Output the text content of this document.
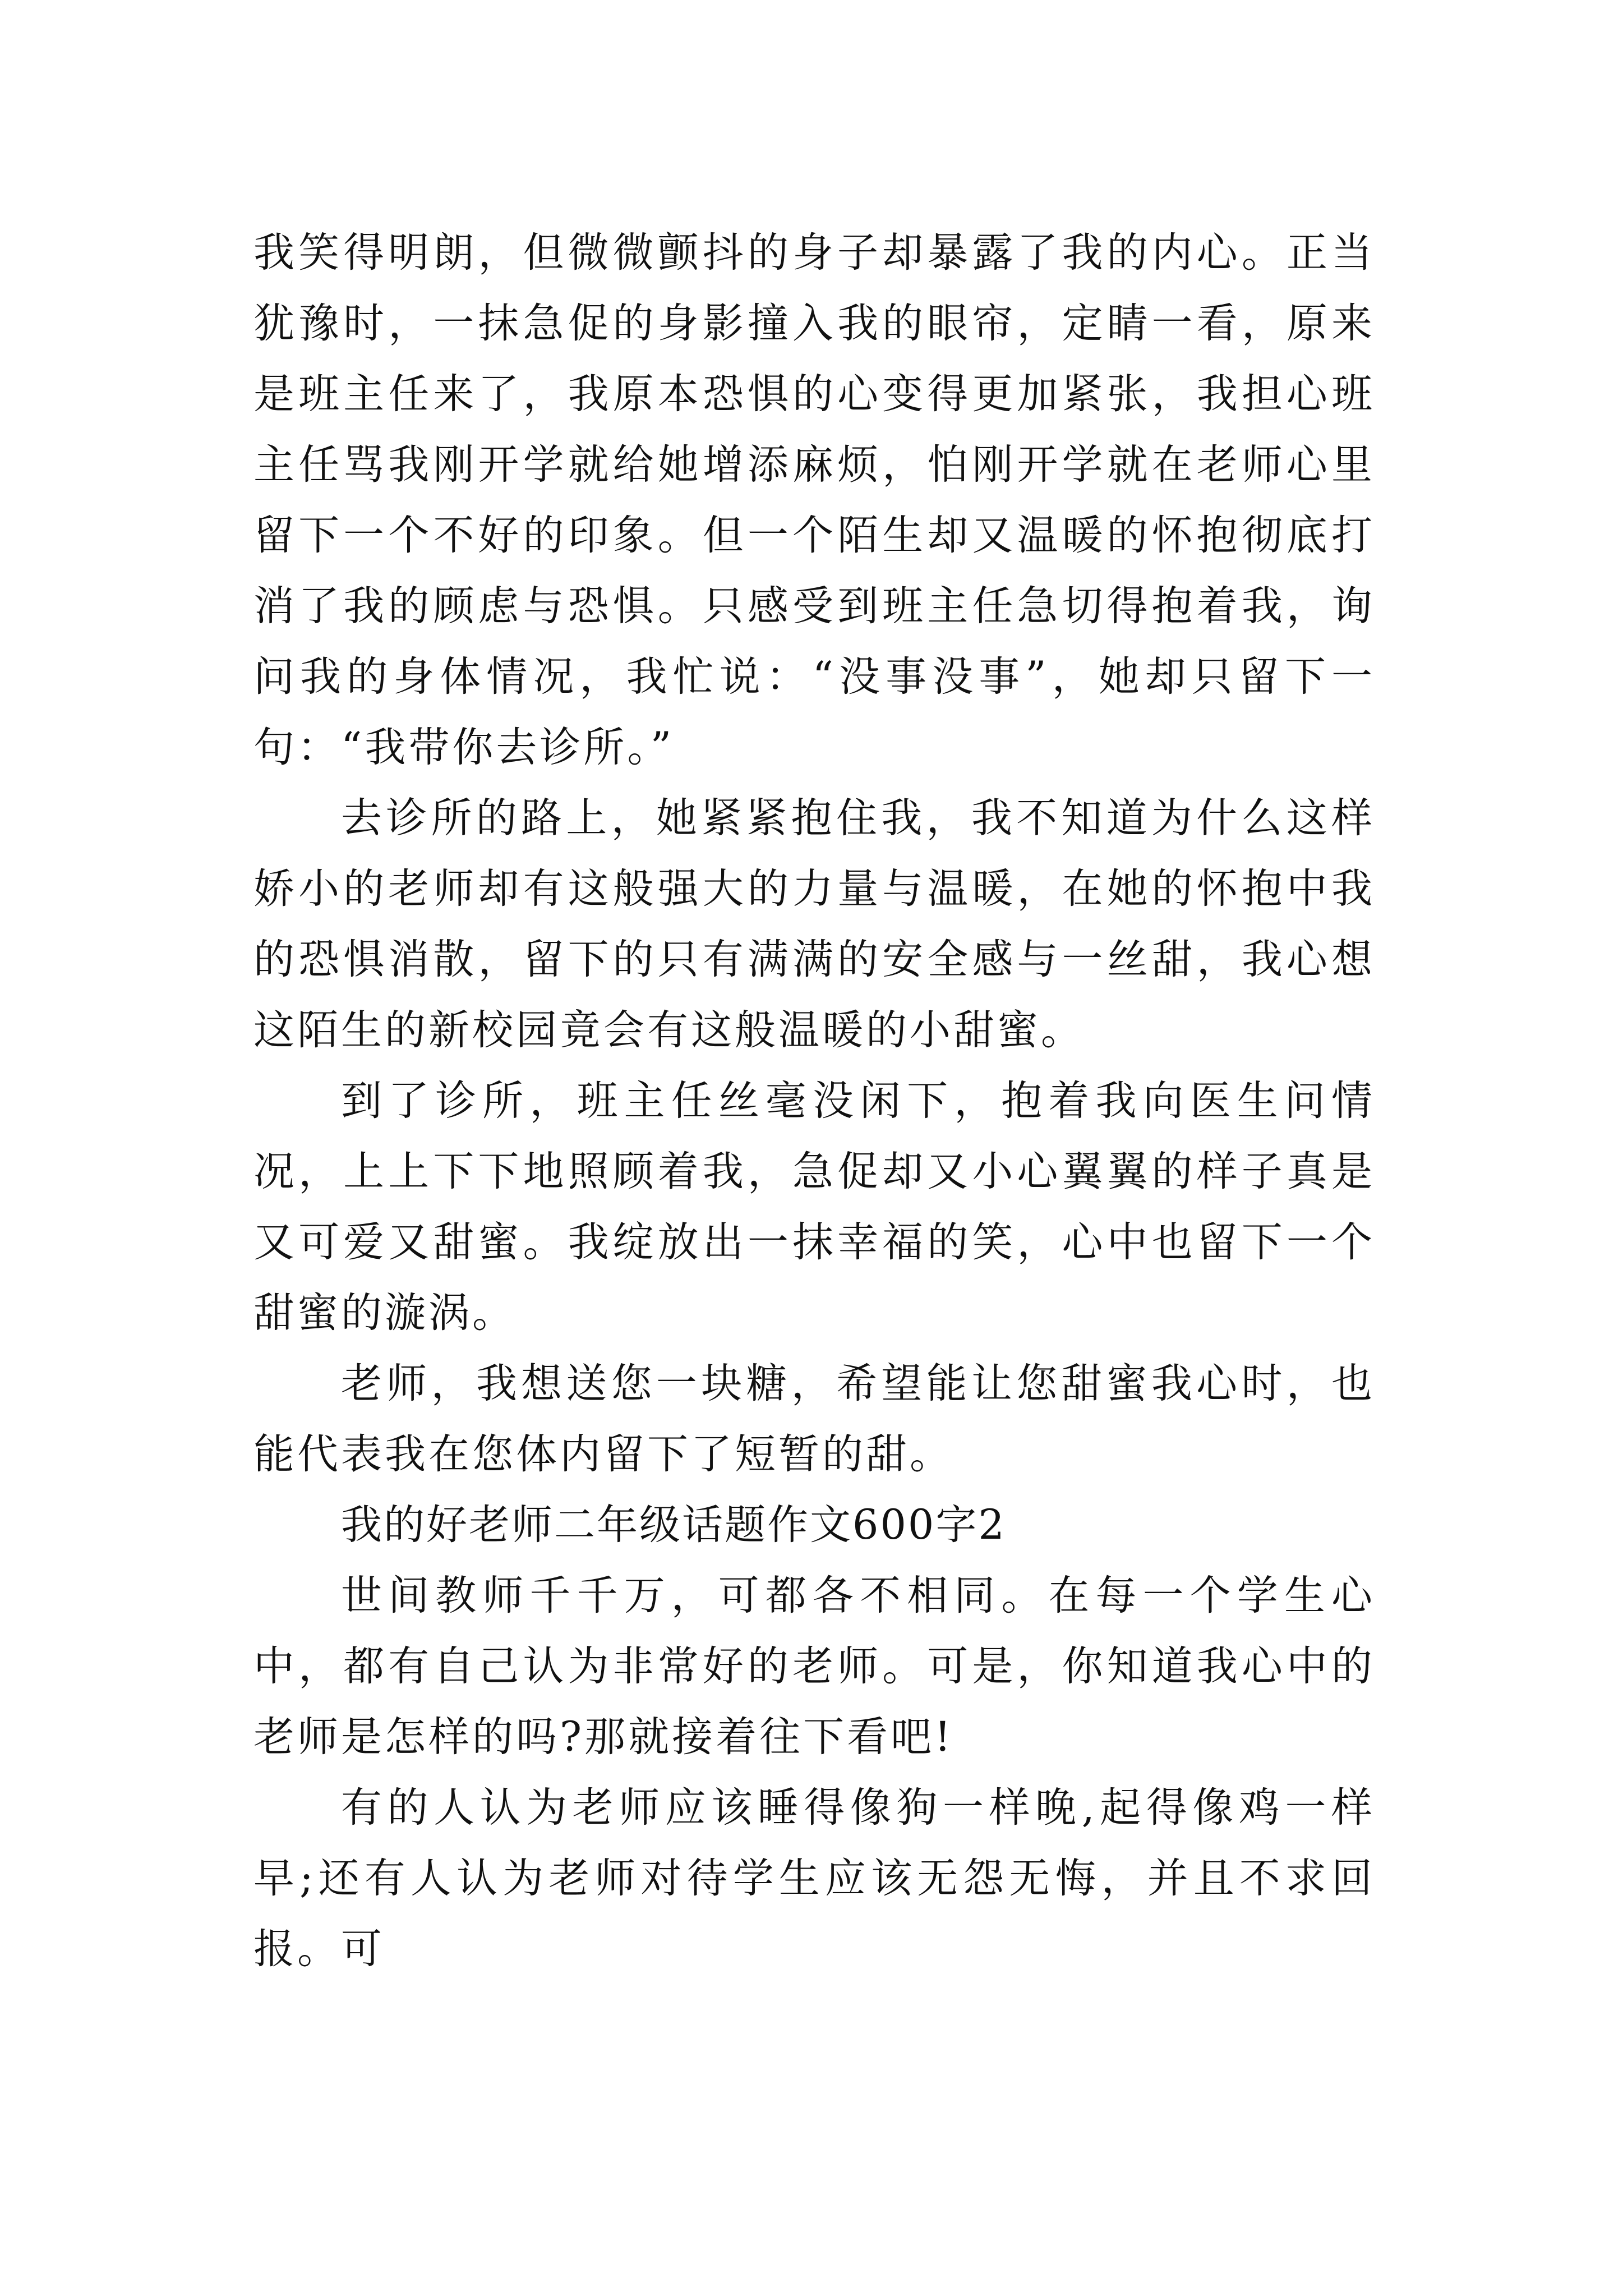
我笑得明朗，但微微颤抖的身子却暴露了我的内心。正当犹豫时，一抹急促的身影撞入我的眼帘，定睛一看，原来是班主任来了，我原本恐惧的心变得更加紧张，我担心班主任骂我刚开学就给她增添麻烦，怕刚开学就在老师心里留下一个不好的印象。但一个陌生却又温暖的怀抱彻底打消了我的顾虑与恐惧。只感受到班主任急切得抱着我，询问我的身体情况，我忙说：“没事没事”，她却只留下一句：“我带你去诊所。”

去诊所的路上，她紧紧抱住我，我不知道为什么这样娇小的老师却有这般强大的力量与温暖，在她的怀抱中我的恐惧消散，留下的只有满满的安全感与一丝甜，我心想这陌生的新校园竟会有这般温暖的小甜蜜。

到了诊所，班主任丝毫没闲下，抱着我向医生问情况，上上下下地照顾着我，急促却又小心翼翼的样子真是又可爱又甜蜜。我绽放出一抹幸福的笑，心中也留下一个甜蜜的漩涡。

老师，我想送您一块糖，希望能让您甜蜜我心时，也能代表我在您体内留下了短暂的甜。

我的好老师二年级话题作文600字2

世间教师千千万，可都各不相同。在每一个学生心中，都有自己认为非常好的老师。可是，你知道我心中的老师是怎样的吗?那就接着往下看吧!

有的人认为老师应该睡得像狗一样晚,起得像鸡一样早;还有人认为老师对待学生应该无怨无悔，并且不求回报。可
